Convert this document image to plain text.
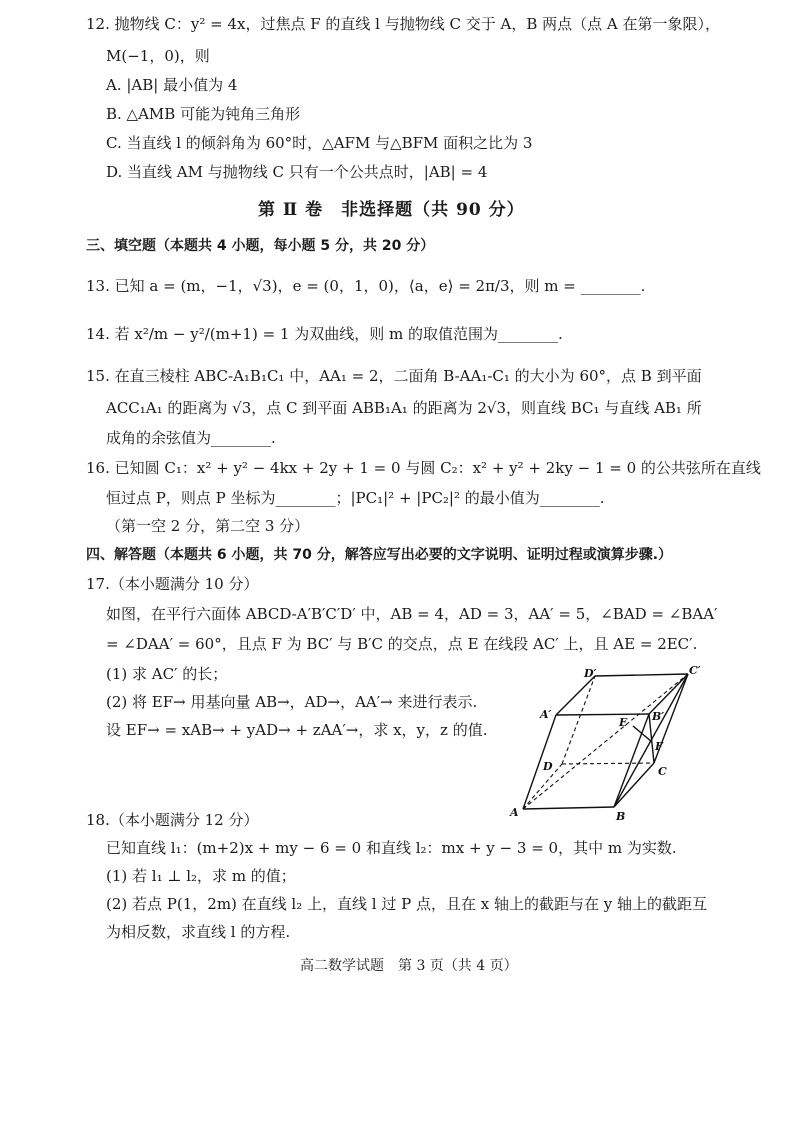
12. 抛物线 C：y² = 4x，过焦点 F 的直线 l 与抛物线 C 交于 A，B 两点（点 A 在第一象限），
M(−1，0)，则
A. |AB| 最小值为 4
B. △AMB 可能为钝角三角形
C. 当直线 l 的倾斜角为 60°时，△AFM 与△BFM 面积之比为 3
D. 当直线 AM 与抛物线 C 只有一个公共点时，|AB| = 4
第 Ⅱ 卷　非选择题（共 90 分）
三、填空题（本题共 4 小题，每小题 5 分，共 20 分）
13. 已知 a = (m，−1，√3)，e = (0，1，0)，⟨a，e⟩ = 2π/3，则 m = ________.
14. 若 x²/m − y²/(m+1) = 1 为双曲线，则 m 的取值范围为________.
15. 在直三棱柱 ABC-A₁B₁C₁ 中，AA₁ = 2，二面角 B-AA₁-C₁ 的大小为 60°，点 B 到平面
ACC₁A₁ 的距离为 √3，点 C 到平面 ABB₁A₁ 的距离为 2√3，则直线 BC₁ 与直线 AB₁ 所
成角的余弦值为________.
16. 已知圆 C₁：x² + y² − 4kx + 2y + 1 = 0 与圆 C₂：x² + y² + 2ky − 1 = 0 的公共弦所在直线
恒过点 P，则点 P 坐标为________；|PC₁|² + |PC₂|² 的最小值为________.
（第一空 2 分，第二空 3 分）
四、解答题（本题共 6 小题，共 70 分，解答应写出必要的文字说明、证明过程或演算步骤.）
17.（本小题满分 10 分）
如图，在平行六面体 ABCD-A′B′C′D′ 中，AB = 4，AD = 3，AA′ = 5，∠BAD = ∠BAA′
= ∠DAA′ = 60°，且点 F 为 BC′ 与 B′C 的交点，点 E 在线段 AC′ 上，且 AE = 2EC′.
(1) 求 AC′ 的长；
(2) 将 EF→ 用基向量 AB→，AD→，AA′→ 来进行表示.
设 EF→ = xAB→ + yAD→ + zAA′→，求 x，y，z 的值.
A	B
C
D
A′	B′
C′
D′
E
F
18.（本小题满分 12 分）
已知直线 l₁：(m+2)x + my − 6 = 0 和直线 l₂：mx + y − 3 = 0，其中 m 为实数.
(1) 若 l₁ ⊥ l₂，求 m 的值；
(2) 若点 P(1，2m) 在直线 l₂ 上，直线 l 过 P 点，且在 x 轴上的截距与在 y 轴上的截距互
为相反数，求直线 l 的方程.
高二数学试题　第 3 页（共 4 页）
